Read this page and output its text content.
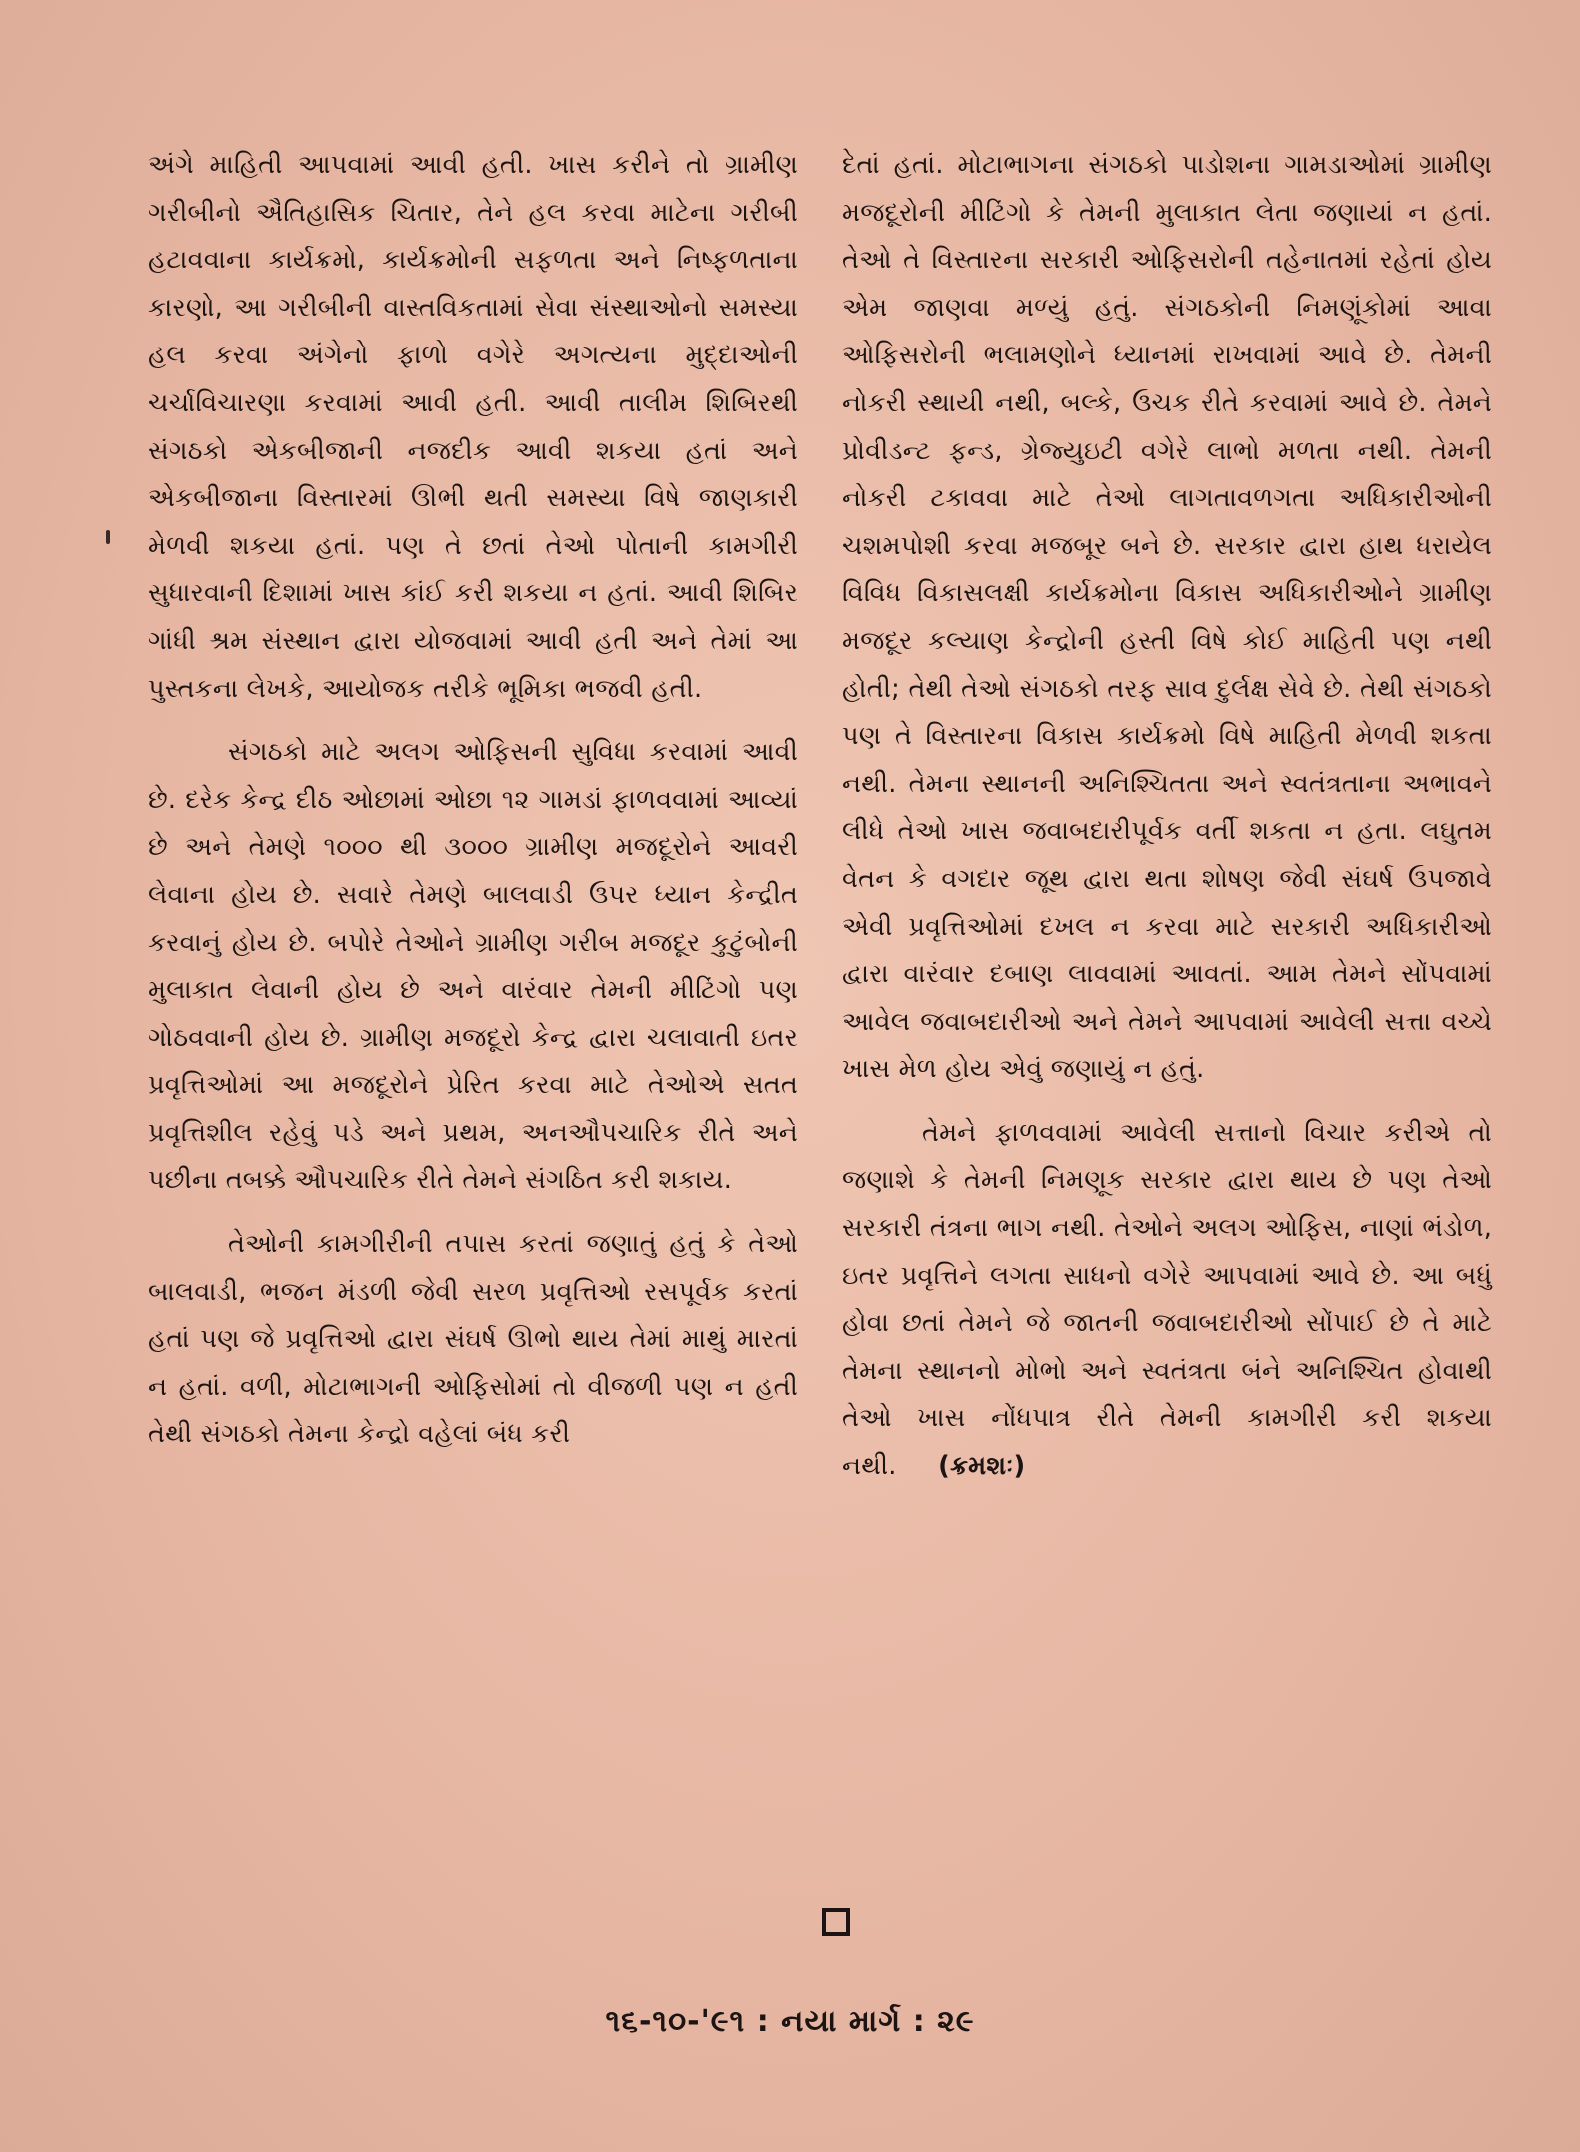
અંગે માહિતી આપવામાં આવી હતી. ખાસ કરીને તો ગ્રામીણ ગરીબીનો ઐતિહાસિક ચિતાર, તેને હલ કરવા માટેના ગરીબી હટાવવાના કાર્યક્રમો, કાર્યક્રમોની સફળતા અને નિષ્ફળતાના કારણો, આ ગરીબીની વાસ્તવિકતામાં સેવા સંસ્થાઓનો સમસ્યા હલ કરવા અંગેનો ફાળો વગેરે અગત્યના મુદ્દાઓની ચર્ચાવિચારણા કરવામાં આવી હતી. આવી તાલીમ શિબિરથી સંગઠકો એકબીજાની નજદીક આવી શકયા હતાં અને એકબીજાના વિસ્તારમાં ઊભી થતી સમસ્યા વિષે જાણકારી મેળવી શકયા હતાં. પણ તે છતાં તેઓ પોતાની કામગીરી સુધારવાની દિશામાં ખાસ કાંઈ કરી શકયા ન હતાં. આવી શિબિર ગાંધી શ્રમ સંસ્થાન દ્વારા યોજવામાં આવી હતી અને તેમાં આ પુસ્તકના લેખકે, આયોજક તરીકે ભૂમિકા ભજવી હતી.

સંગઠકો માટે અલગ ઓફિસની સુવિધા કરવામાં આવી છે. દરેક કેન્દ્ર દીઠ ઓછામાં ઓછા ૧૨ ગામડાં ફાળવવામાં આવ્યાં છે અને તેમણે ૧૦૦૦ થી ૩૦૦૦ ગ્રામીણ મજદૂરોને આવરી લેવાના હોય છે. સવારે તેમણે બાલવાડી ઉપર ધ્યાન કેન્દ્રીત કરવાનું હોય છે. બપોરે તેઓને ગ્રામીણ ગરીબ મજદૂર કુટુંબોની મુલાકાત લેવાની હોય છે અને વારંવાર તેમની મીટિંગો પણ ગોઠવવાની હોય છે. ગ્રામીણ મજદૂરો કેન્દ્ર દ્વારા ચલાવાતી ઇતર પ્રવૃત્તિઓમાં આ મજદૂરોને પ્રેરિત કરવા માટે તેઓએ સતત પ્રવૃત્તિશીલ રહેવું પડે અને પ્રથમ, અનઔપચારિક રીતે અને પછીના તબક્કે ઔપચારિક રીતે તેમને સંગઠિત કરી શકાય.

તેઓની કામગીરીની તપાસ કરતાં જણાતું હતું કે તેઓ બાલવાડી, ભજન મંડળી જેવી સરળ પ્રવૃત્તિઓ રસપૂર્વક કરતાં હતાં પણ જે પ્રવૃત્તિઓ દ્વારા સંઘર્ષ ઊભો થાય તેમાં માથું મારતાં ન હતાં. વળી, મોટાભાગની ઓફિસોમાં તો વીજળી પણ ન હતી તેથી સંગઠકો તેમના કેન્દ્રો વહેલાં બંધ કરી

દેતાં હતાં. મોટાભાગના સંગઠકો પાડોશના ગામડાઓમાં ગ્રામીણ મજદૂરોની મીટિંગો કે તેમની મુલાકાત લેતા જણાયાં ન હતાં. તેઓ તે વિસ્તારના સરકારી ઓફિસરોની તહેનાતમાં રહેતાં હોય એમ જાણવા મળ્યું હતું. સંગઠકોની નિમણૂંકોમાં આવા ઓફિસરોની ભલામણોને ધ્યાનમાં રાખવામાં આવે છે. તેમની નોકરી સ્થાયી નથી, બલ્કે, ઉચક રીતે કરવામાં આવે છે. તેમને પ્રોવીડન્ટ ફન્ડ, ગ્રેજ્યુઇટી વગેરે લાભો મળતા નથી. તેમની નોકરી ટકાવવા માટે તેઓ લાગતાવળગતા અધિકારીઓની ચશમપોશી કરવા મજબૂર બને છે. સરકાર દ્વારા હાથ ધરાયેલ વિવિધ વિકાસલક્ષી કાર્યક્રમોના વિકાસ અધિકારીઓને ગ્રામીણ મજદૂર કલ્યાણ કેન્દ્રોની હસ્તી વિષે કોઈ માહિતી પણ નથી હોતી; તેથી તેઓ સંગઠકો તરફ સાવ દુર્લક્ષ સેવે છે. તેથી સંગઠકો પણ તે વિસ્તારના વિકાસ કાર્યક્રમો વિષે માહિતી મેળવી શકતા નથી. તેમના સ્થાનની અનિશ્ચિતતા અને સ્વતંત્રતાના અભાવને લીધે તેઓ ખાસ જવાબદારીપૂર્વક વર્તી શકતા ન હતા. લઘુતમ વેતન કે વગદાર જૂથ દ્વારા થતા શોષણ જેવી સંઘર્ષ ઉપજાવે એવી પ્રવૃત્તિઓમાં દખલ ન કરવા માટે સરકારી અધિકારીઓ દ્વારા વારંવાર દબાણ લાવવામાં આવતાં. આમ તેમને સોંપવામાં આવેલ જવાબદારીઓ અને તેમને આપવામાં આવેલી સત્તા વચ્ચે ખાસ મેળ હોય એવું જણાયું ન હતું.

તેમને ફાળવવામાં આવેલી સત્તાનો વિચાર કરીએ તો જણાશે કે તેમની નિમણૂક સરકાર દ્વારા થાય છે પણ તેઓ સરકારી તંત્રના ભાગ નથી. તેઓને અલગ ઓફિસ, નાણાં ભંડોળ, ઇતર પ્રવૃત્તિને લગતા સાધનો વગેરે આપવામાં આવે છે. આ બધું હોવા છતાં તેમને જે જાતની જવાબદારીઓ સોંપાઈ છે તે માટે તેમના સ્થાનનો મોભો અને સ્વતંત્રતા બંને અનિશ્ચિત હોવાથી તેઓ ખાસ નોંધપાત્ર રીતે તેમની કામગીરી કરી શકયા નથી. (ક્રમશઃ)

૧૬-૧૦-'૯૧ : નયા માર્ગ : ૨૯
